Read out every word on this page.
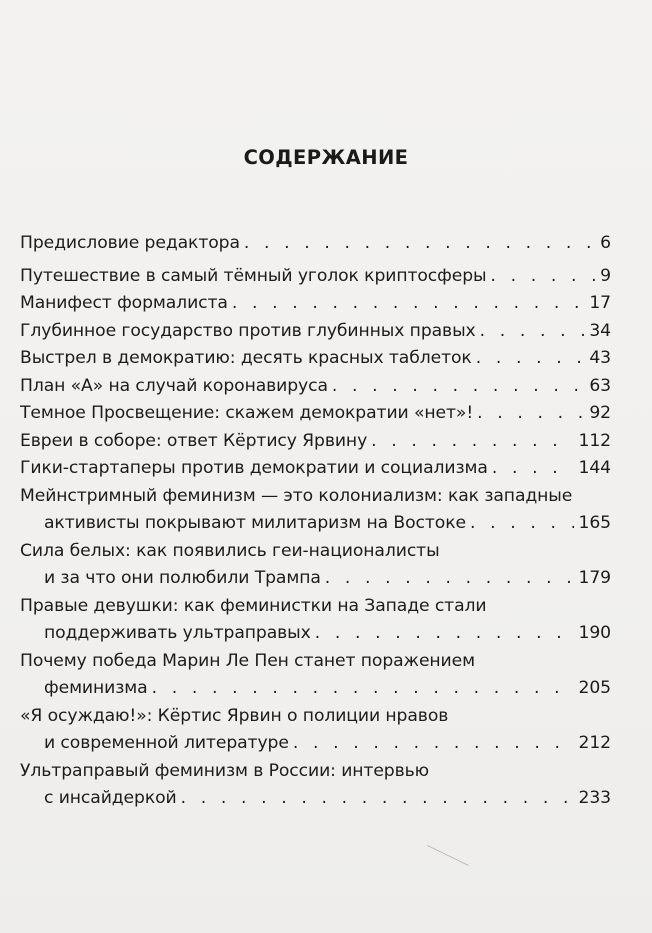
СОДЕРЖАНИЕ
Предисловие редактора . . .	6
Путешествие в самый тёмный уголок криптосферы . . .	9
Манифест формалиста . . .	17
Глубинное государство против глубинных правых . . .	34
Выстрел в демократию: десять красных таблеток . . .	43
План «А» на случай коронавируса . . .	63
Темное Просвещение: скажем демократии «нет»! . . .	92
Евреи в соборе: ответ Кёртису Ярвину . . .	112
Гики-стартаперы против демократии и социализма . . .	144
Мейнстримный феминизм — это колониализм: как западные
активисты покрывают милитаризм на Востоке . . .	165
Сила белых: как появились геи-националисты
и за что они полюбили Трампа . . .	179
Правые девушки: как феминистки на Западе стали
поддерживать ультраправых . . .	190
Почему победа Марин Ле Пен станет поражением
феминизма . . .	205
«Я осуждаю!»: Кёртис Ярвин о полиции нравов
и современной литературе . . .	212
Ультраправый феминизм в России: интервью
с инсайдеркой . . .	233
